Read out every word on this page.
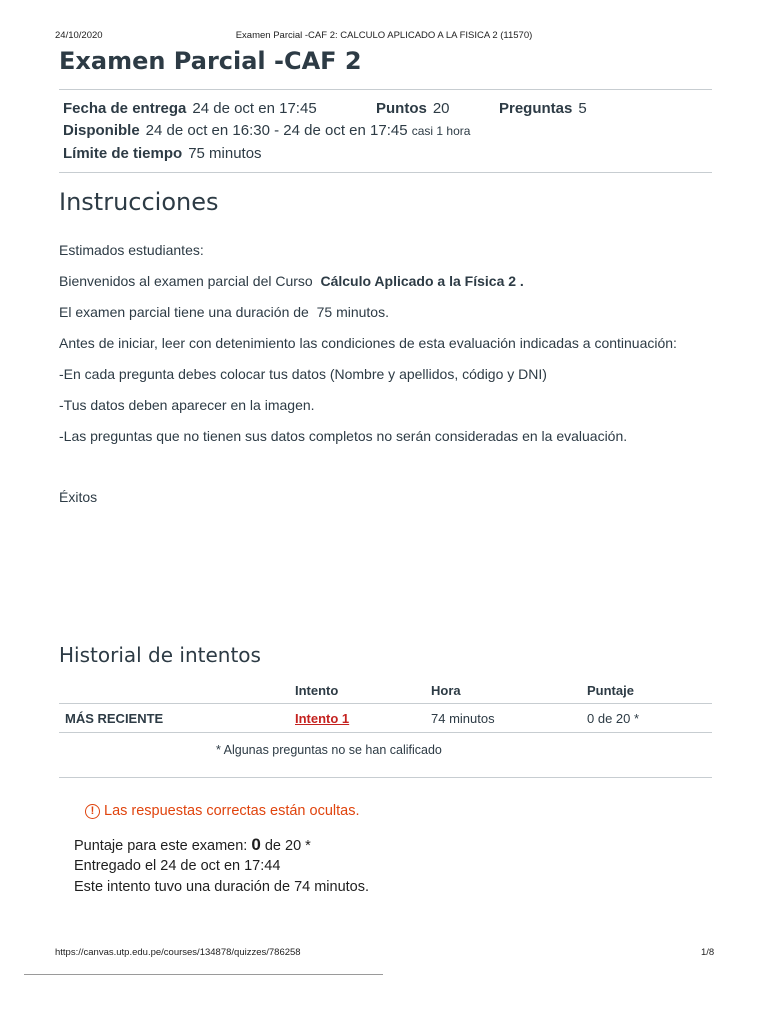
24/10/2020	Examen Parcial -CAF 2: CALCULO APLICADO A LA FISICA 2 (11570)
Examen Parcial -CAF 2
Fecha de entrega 24 de oct en 17:45	Puntos 20	Preguntas 5
Disponible 24 de oct en 16:30 - 24 de oct en 17:45 casi 1 hora
Límite de tiempo 75 minutos
Instrucciones

Estimados estudiantes:

Bienvenidos al examen parcial del Curso Cálculo Aplicado a la Física 2 .

El examen parcial tiene una duración de 75 minutos.

Antes de iniciar, leer con detenimiento las condiciones de esta evaluación indicadas a continuación:

-En cada pregunta debes colocar tus datos (Nombre y apellidos, código y DNI)

-Tus datos deben aparecer en la imagen.

-Las preguntas que no tienen sus datos completos no serán consideradas en la evaluación.

Éxitos

Historial de intentos
	Intento	Hora	Puntaje
MÁS RECIENTE	Intento 1	74 minutos	0 de 20 *
* Algunas preguntas no se han calificado
! Las respuestas correctas están ocultas.
Puntaje para este examen: 0 de 20 *
Entregado el 24 de oct en 17:44
Este intento tuvo una duración de 74 minutos.
https://canvas.utp.edu.pe/courses/134878/quizzes/786258	1/8
